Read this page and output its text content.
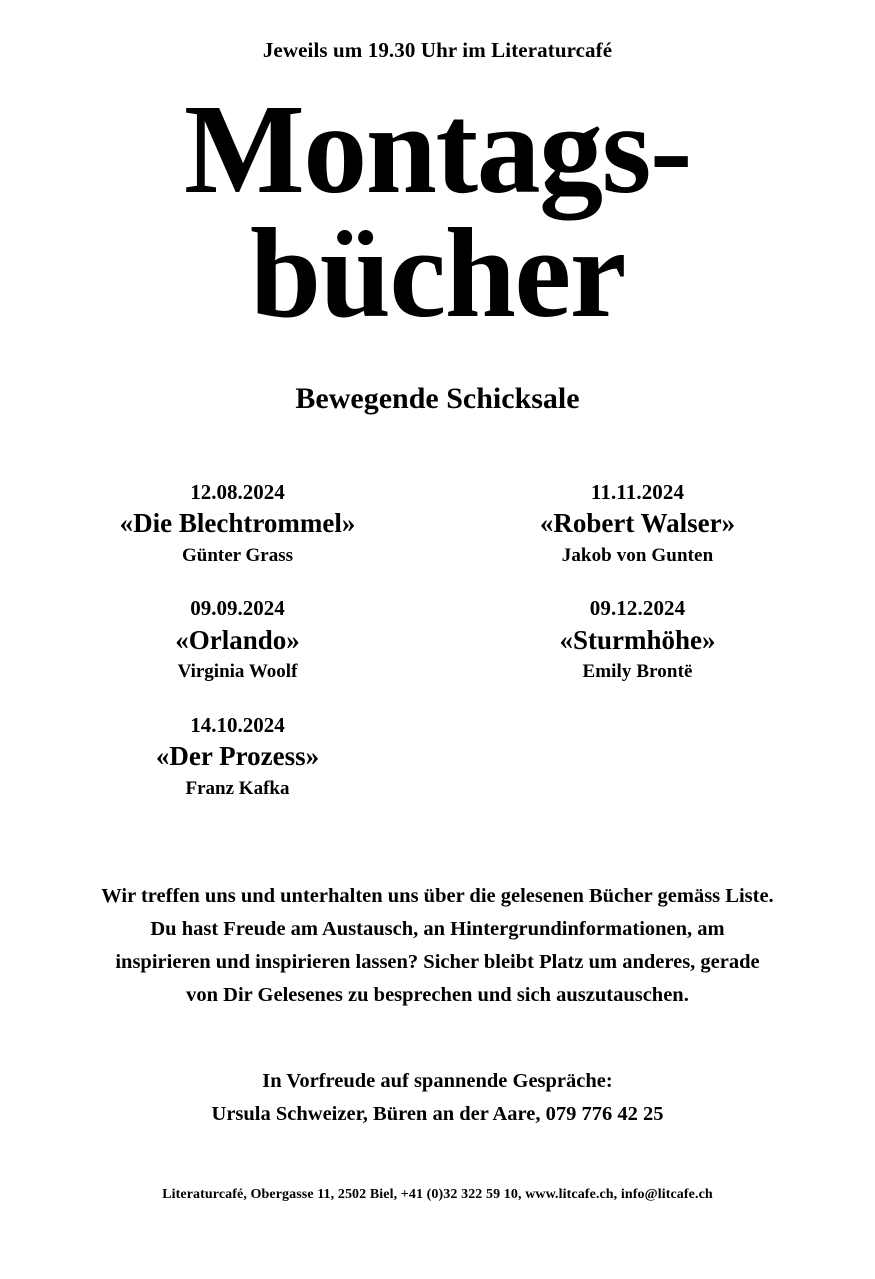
Jeweils um 19.30 Uhr im Literaturcafé
Montags-
bücher
Bewegende Schicksale
12.08.2024
«Die Blechtrommel»
Günter Grass
09.09.2024
«Orlando»
Virginia Woolf
14.10.2024
«Der Prozess»
Franz Kafka
11.11.2024
«Robert Walser»
Jakob von Gunten
09.12.2024
«Sturmhöhe»
Emily Brontë
Wir treffen uns und unterhalten uns über die gelesenen Bücher gemäss Liste.
Du hast Freude am Austausch, an Hintergrundinformationen, am
inspirieren und inspirieren lassen? Sicher bleibt Platz um anderes, gerade
von Dir Gelesenes zu besprechen und sich auszutauschen.
In Vorfreude auf spannende Gespräche:
Ursula Schweizer, Büren an der Aare, 079 776 42 25
Literaturcafé, Obergasse 11, 2502 Biel, +41 (0)32 322 59 10, www.litcafe.ch, info@litcafe.ch
